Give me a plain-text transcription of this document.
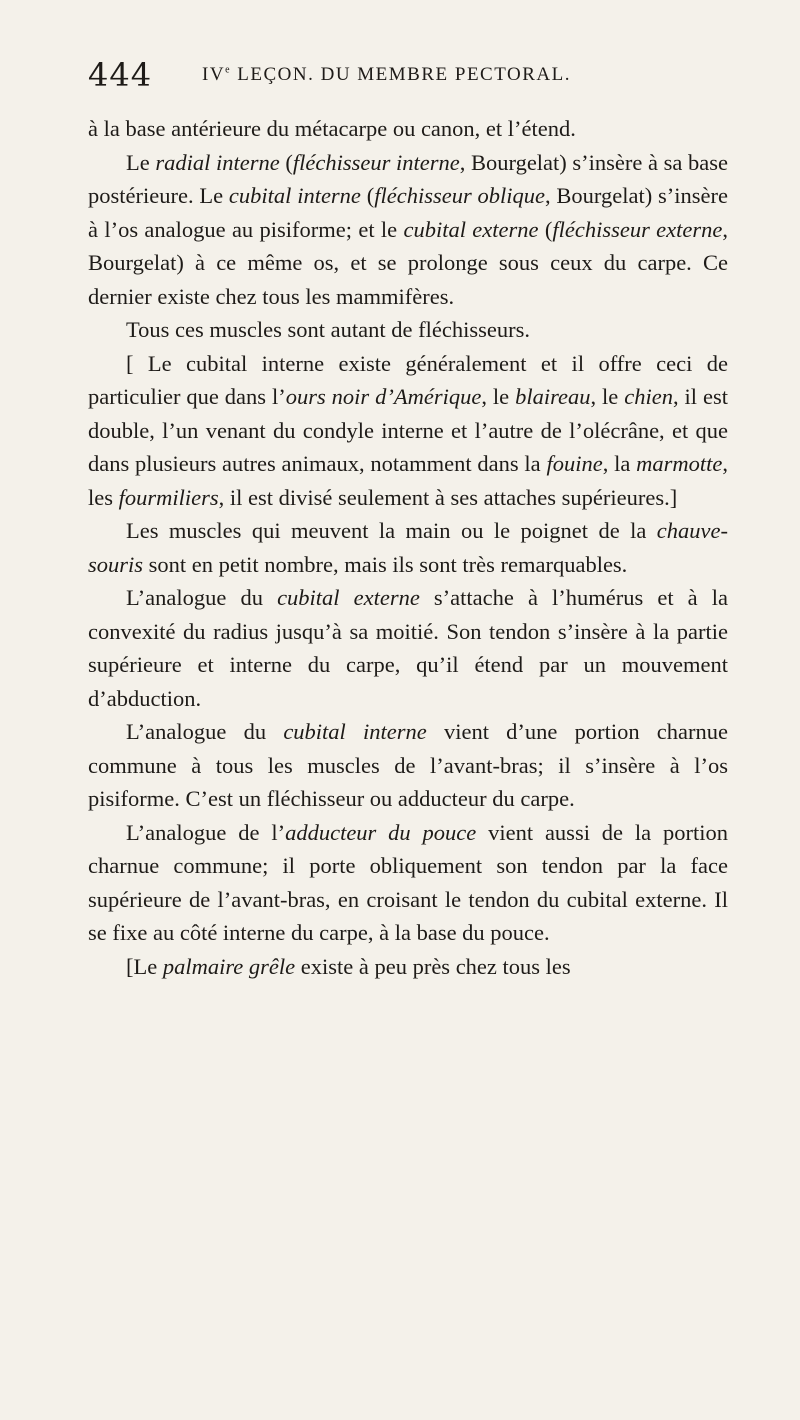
444	IVe LEÇON. DU MEMBRE PECTORAL.

à la base antérieure du métacarpe ou canon, et l’étend.

Le radial interne (fléchisseur interne, Bourgelat) s’insère à sa base postérieure. Le cubital interne (fléchisseur oblique, Bourgelat) s’insère à l’os analogue au pisiforme; et le cubital externe (fléchisseur externe, Bourgelat) à ce même os, et se prolonge sous ceux du carpe. Ce dernier existe chez tous les mammifères.

Tous ces muscles sont autant de fléchisseurs.

[ Le cubital interne existe généralement et il offre ceci de particulier que dans l’ours noir d’Amérique, le blaireau, le chien, il est double, l’un venant du condyle interne et l’autre de l’olécrâne, et que dans plusieurs autres animaux, notamment dans la fouine, la marmotte, les fourmiliers, il est divisé seulement à ses attaches supérieures.]

Les muscles qui meuvent la main ou le poignet de la chauve-souris sont en petit nombre, mais ils sont très remarquables.

L’analogue du cubital externe s’attache à l’humérus et à la convexité du radius jusqu’à sa moitié. Son tendon s’insère à la partie supérieure et interne du carpe, qu’il étend par un mouvement d’abduction.

L’analogue du cubital interne vient d’une portion charnue commune à tous les muscles de l’avant-bras; il s’insère à l’os pisiforme. C’est un fléchisseur ou adducteur du carpe.

L’analogue de l’adducteur du pouce vient aussi de la portion charnue commune; il porte obliquement son tendon par la face supérieure de l’avant-bras, en croisant le tendon du cubital externe. Il se fixe au côté interne du carpe, à la base du pouce.

[Le palmaire grêle existe à peu près chez tous les
